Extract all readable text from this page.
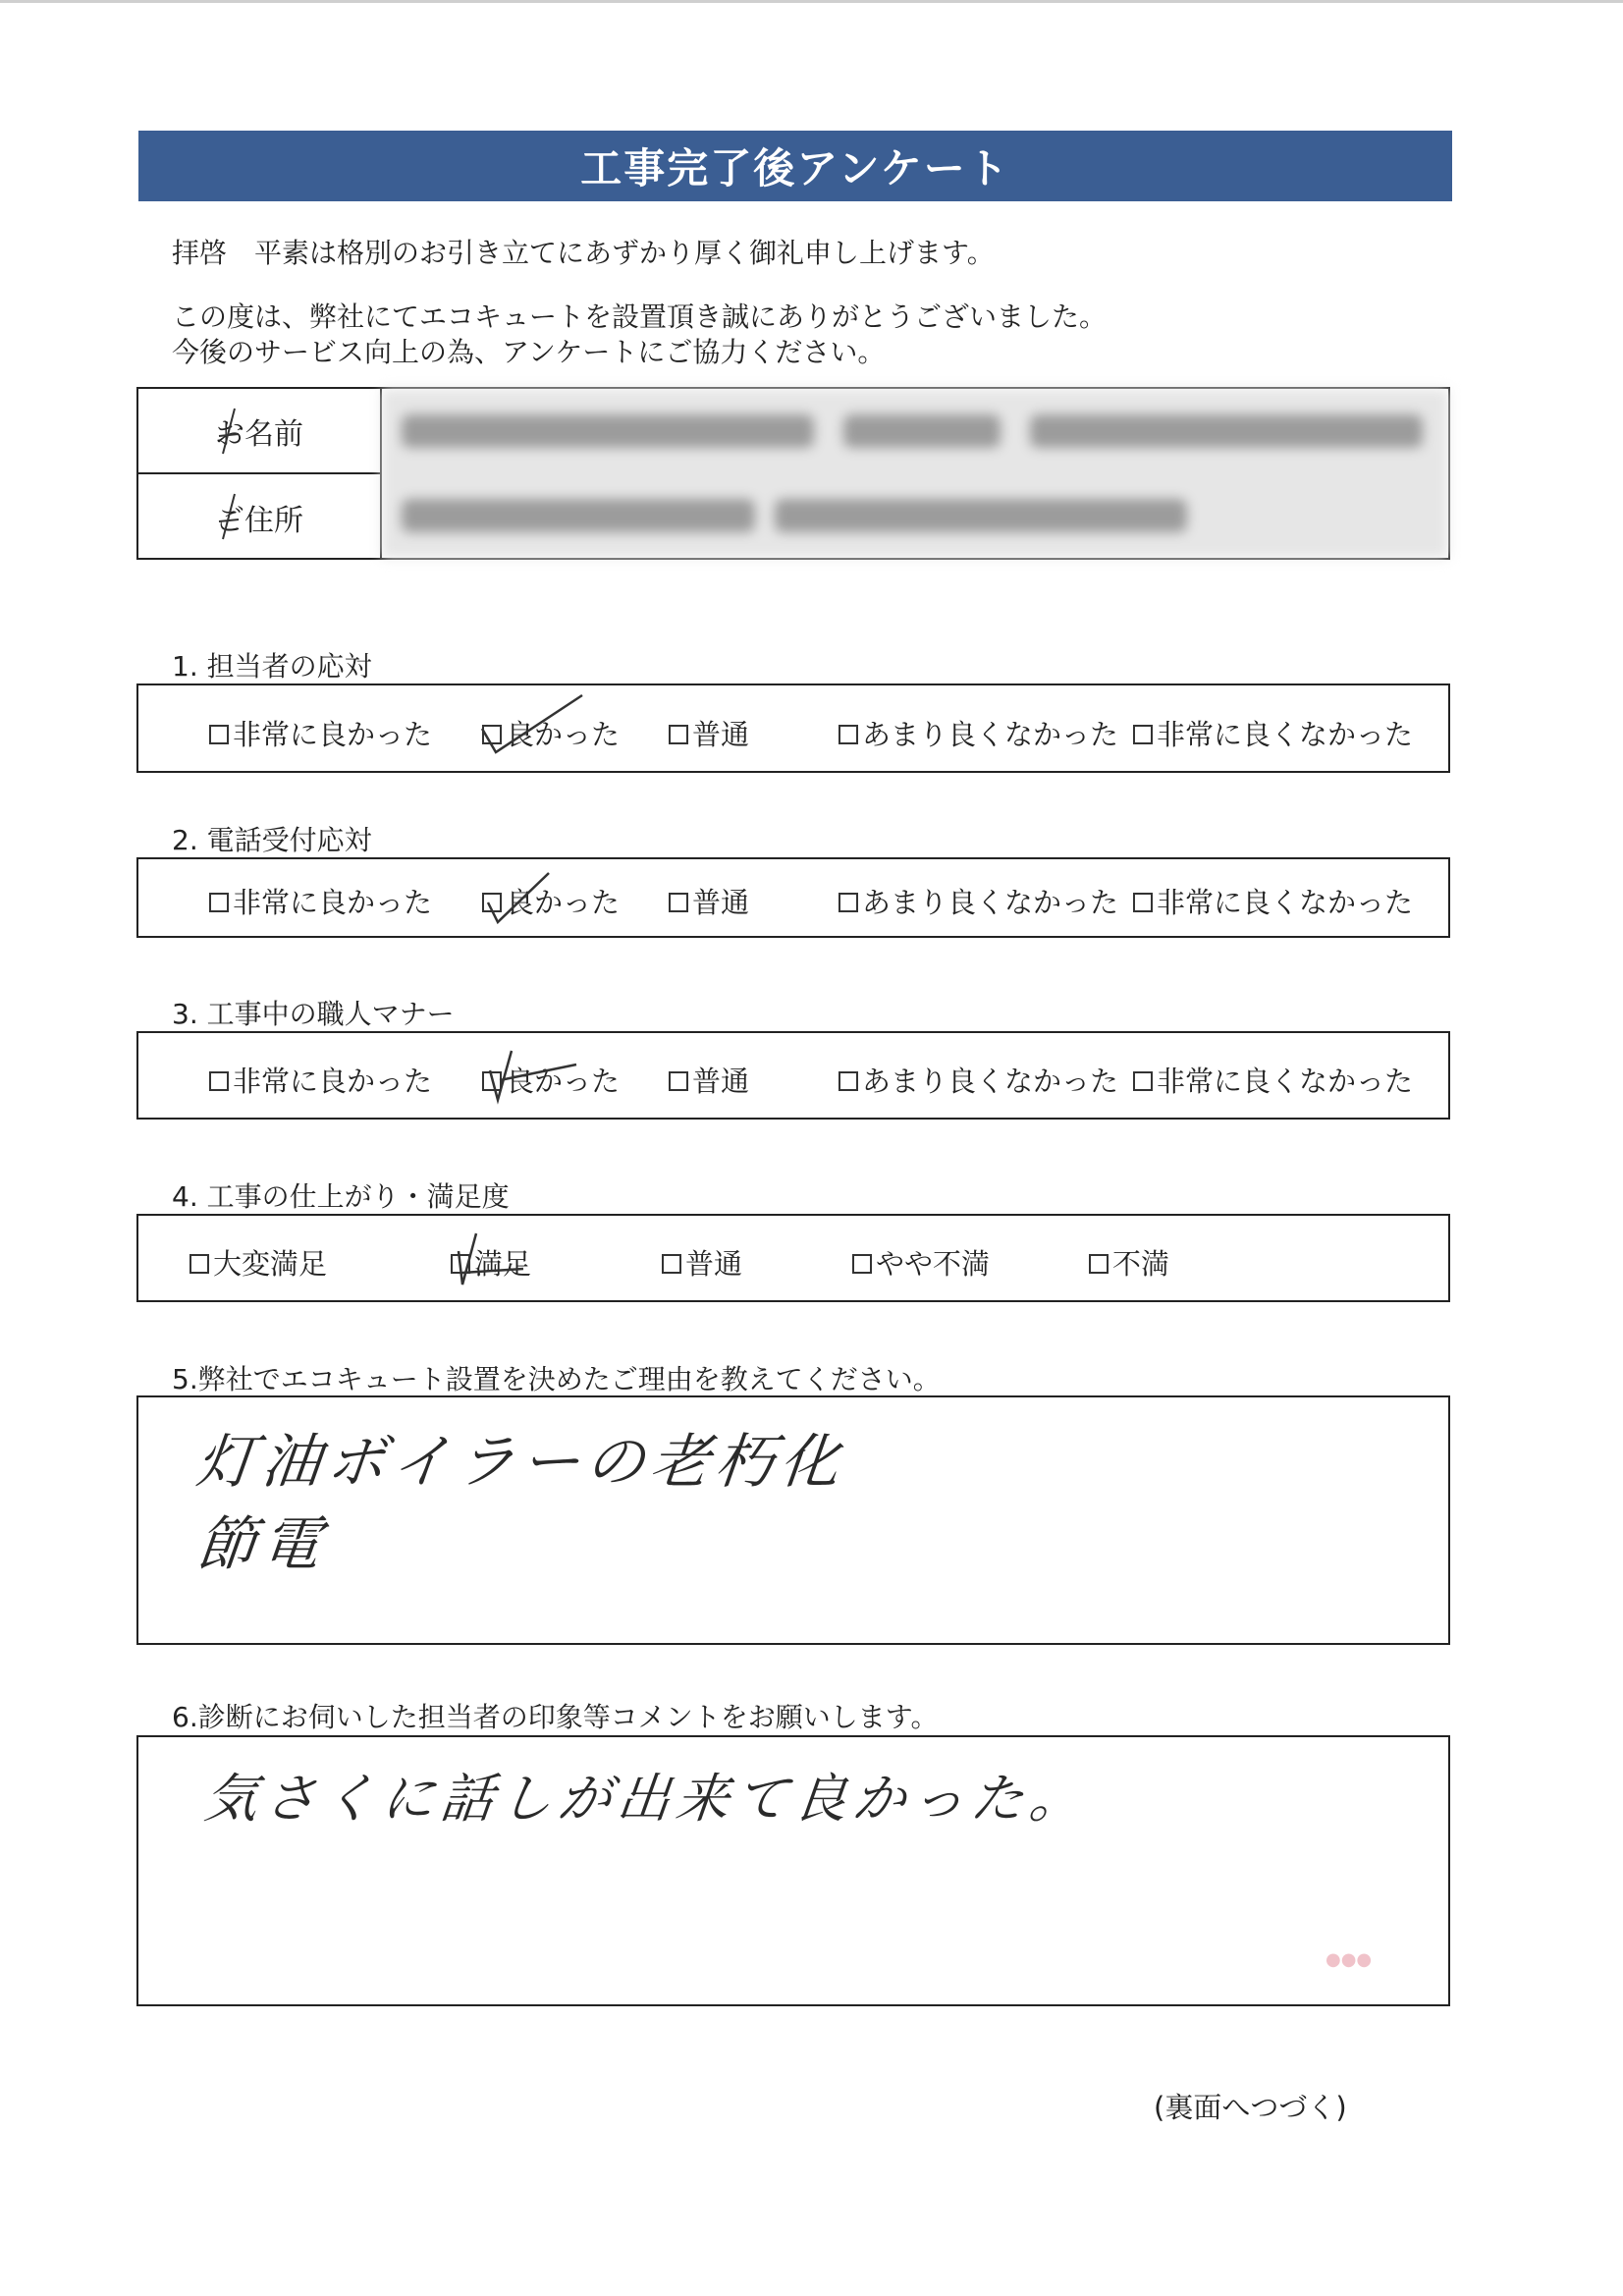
工事完了後アンケート
拝啓　平素は格別のお引き立てにあずかり厚く御礼申し上げます。
この度は、弊社にてエコキュートを設置頂き誠にありがとうございました。
今後のサービス向上の為、アンケートにご協力ください。
お名前
ご住所
1. 担当者の応対
非常に良かった	良かった	普通	あまり良くなかった 非常に良くなかった
2. 電話受付応対
非常に良かった	良かった	普通	あまり良くなかった 非常に良くなかった
3. 工事中の職人マナー
非常に良かった	良かった	普通	あまり良くなかった 非常に良くなかった
4. 工事の仕上がり・満足度
大変満足	満足	普通	やや不満	不満
5.弊社でエコキュート設置を決めたご理由を教えてください。
灯油ボイラーの老朽化
節電
6.診断にお伺いした担当者の印象等コメントをお願いします。
気さくに話しが出来て良かった。
●●●
(裏面へつづく)
